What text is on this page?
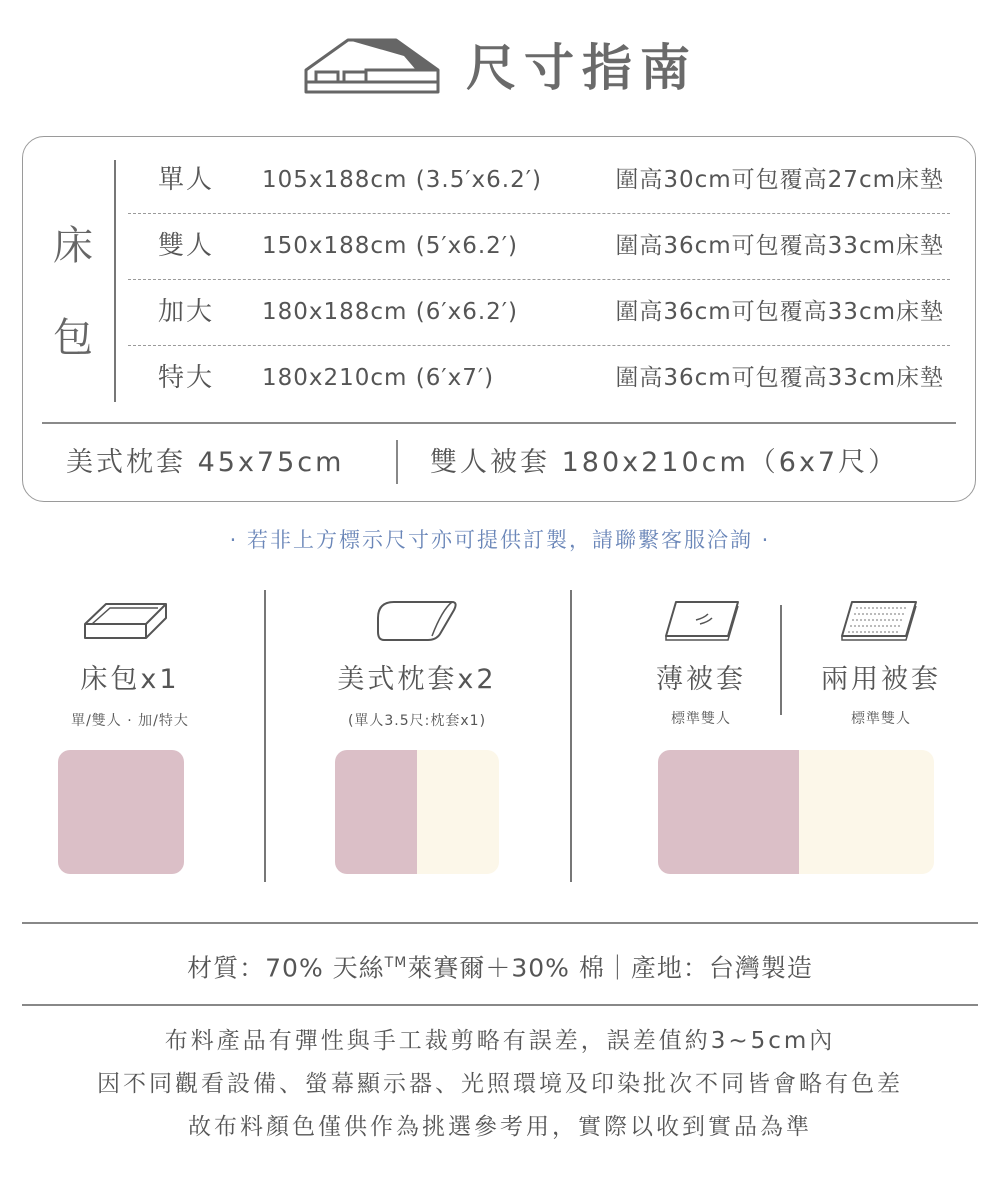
尺寸指南
床包
單人 105x188cm (3.5′x6.2′)	圍高30cm可包覆高27cm床墊
雙人 150x188cm (5′x6.2′)	圍高36cm可包覆高33cm床墊
加大 180x188cm (6′x6.2′)	圍高36cm可包覆高33cm床墊
特大 180x210cm (6′x7′)	圍高36cm可包覆高33cm床墊
美式枕套 45x75cm	雙人被套 180x210cm（6x7尺）
· 若非上方標示尺寸亦可提供訂製，請聯繫客服洽詢 ·
床包x1
單/雙人 · 加/特大
美式枕套x2
(單人3.5尺:枕套x1)
薄被套
標準雙人
兩用被套
標準雙人
材質：70% 天絲™萊賽爾＋30% 棉｜產地：台灣製造
布料產品有彈性與手工裁剪略有誤差，誤差值約3~5cm內
因不同觀看設備、螢幕顯示器、光照環境及印染批次不同皆會略有色差
故布料顏色僅供作為挑選參考用，實際以收到實品為準
